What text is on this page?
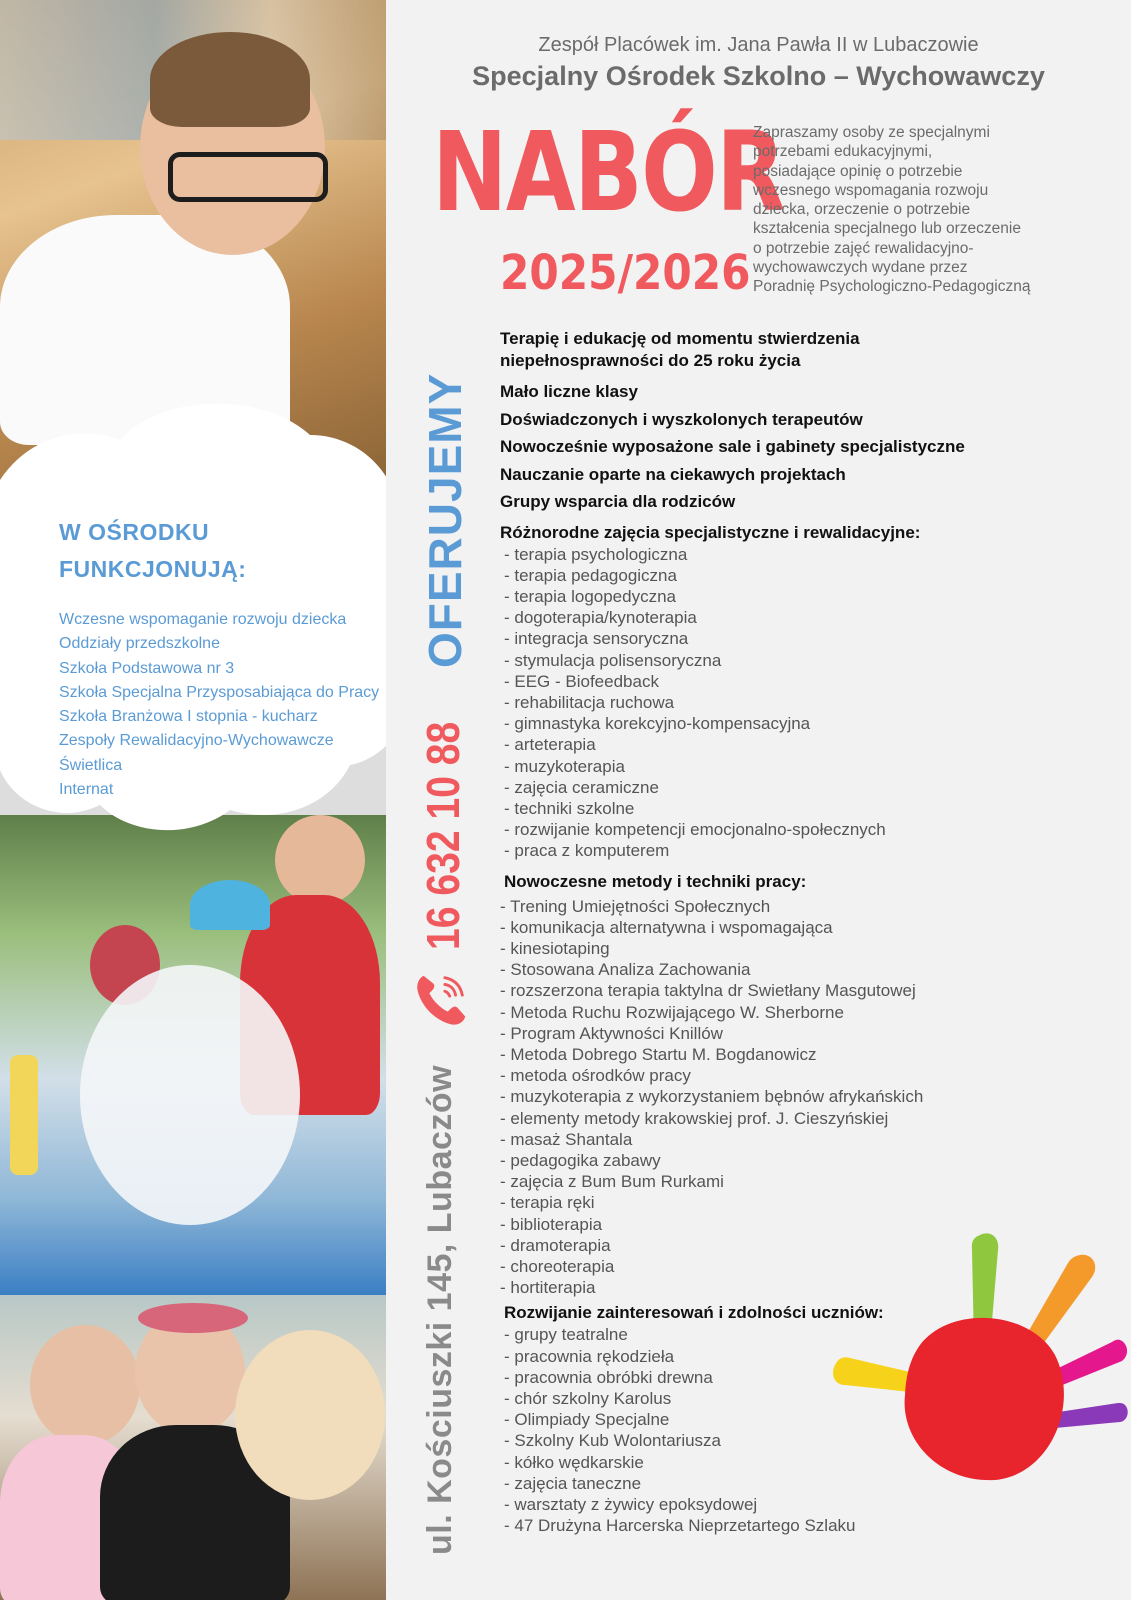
W OŚRODKU
FUNKCJONUJĄ:
Wczesne wspomaganie rozwoju dziecka
Oddziały przedszkolne
Szkoła Podstawowa nr 3
Szkoła Specjalna Przysposabiająca do Pracy
Szkoła Branżowa I stopnia - kucharz
Zespoły Rewalidacyjno-Wychowawcze
Świetlica
Internat
Zespół Placówek im. Jana Pawła II w Lubaczowie
Specjalny Ośrodek Szkolno – Wychowawczy
NABÓR
2025/2026
Zapraszamy osoby ze specjalnymi
potrzebami edukacyjnymi,
posiadające opinię o potrzebie
wczesnego wspomagania rozwoju
dziecka, orzeczenie o potrzebie
kształcenia specjalnego lub orzeczenie
o potrzebie zajęć rewalidacyjno-
wychowawczych wydane przez
Poradnię Psychologiczno-Pedagogiczną
OFERUJEMY
16 632 10 88
ul. Kościuszki 145, Lubaczów
Terapię i edukację od momentu stwierdzenia
niepełnosprawności do 25 roku życia
Mało liczne klasy
Doświadczonych i wyszkolonych terapeutów
Nowocześnie wyposażone sale i gabinety specjalistyczne
Nauczanie oparte na ciekawych projektach
Grupy wsparcia dla rodziców
Różnorodne zajęcia specjalistyczne i rewalidacyjne:
- terapia psychologiczna
- terapia pedagogiczna
- terapia logopedyczna
- dogoterapia/kynoterapia
- integracja sensoryczna
- stymulacja polisensoryczna
- EEG - Biofeedback
- rehabilitacja ruchowa
- gimnastyka korekcyjno-kompensacyjna
- arteterapia
- muzykoterapia
- zajęcia ceramiczne
- techniki szkolne
- rozwijanie kompetencji emocjonalno-społecznych
- praca z komputerem
Nowoczesne metody i techniki pracy:
- Trening Umiejętności Społecznych
- komunikacja alternatywna i wspomagająca
- kinesiotaping
- Stosowana Analiza Zachowania
- rozszerzona terapia taktylna dr Swietłany Masgutowej
- Metoda Ruchu Rozwijającego W. Sherborne
- Program Aktywności Knillów
- Metoda Dobrego Startu M. Bogdanowicz
- metoda ośrodków pracy
- muzykoterapia z wykorzystaniem bębnów afrykańskich
- elementy metody krakowskiej prof. J. Cieszyńskiej
- masaż Shantala
- pedagogika zabawy
- zajęcia z Bum Bum Rurkami
- terapia ręki
- biblioterapia
- dramoterapia
- choreoterapia
- hortiterapia
Rozwijanie zainteresowań i zdolności uczniów:
- grupy teatralne
- pracownia rękodzieła
- pracownia obróbki drewna
- chór szkolny Karolus
- Olimpiady Specjalne
- Szkolny Kub Wolontariusza
- kółko wędkarskie
- zajęcia taneczne
- warsztaty z żywicy epoksydowej
- 47 Drużyna Harcerska Nieprzetartego Szlaku
